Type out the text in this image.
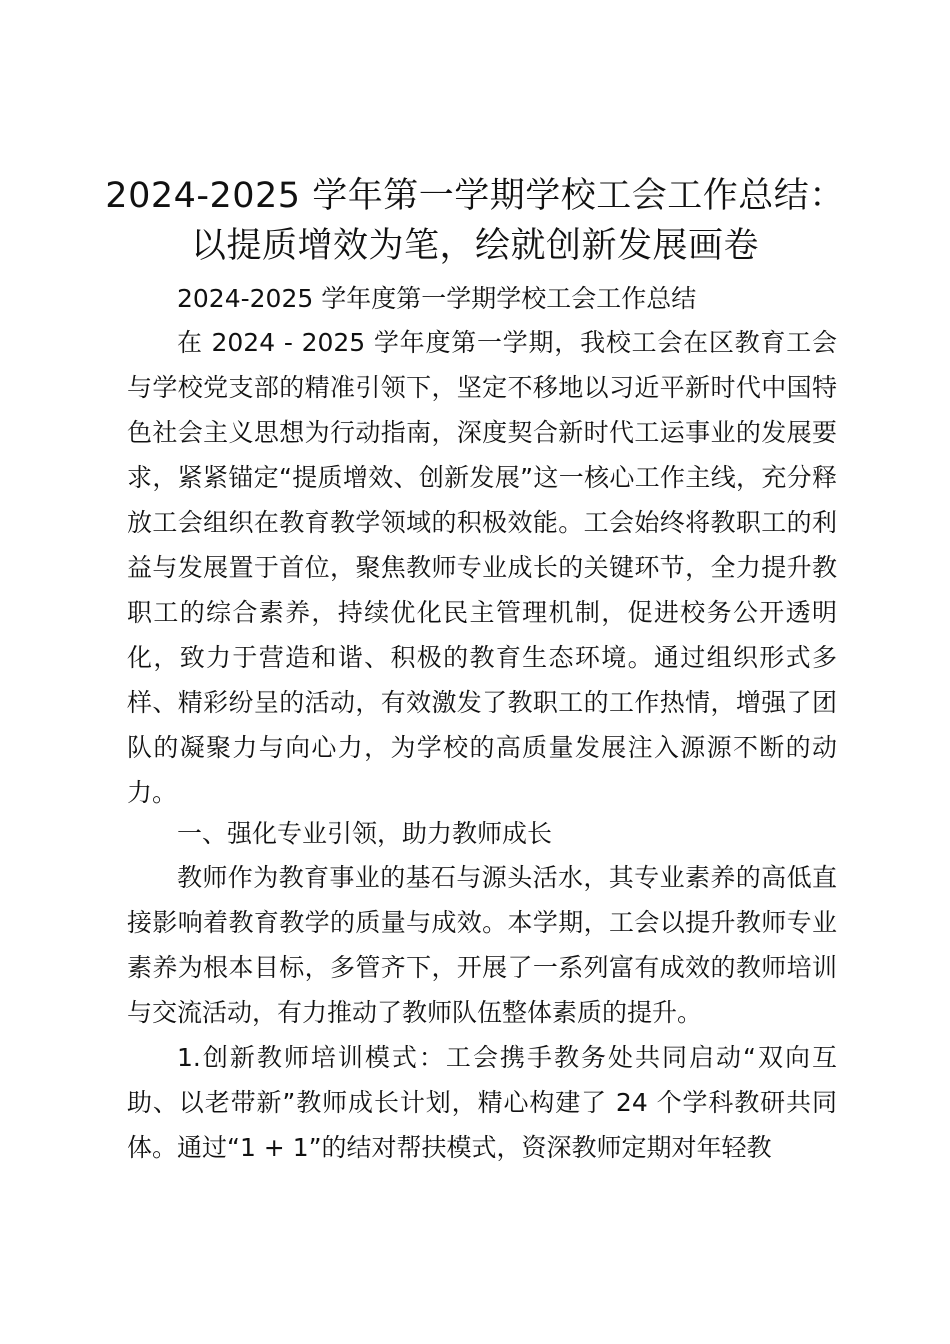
2024-2025 学年第一学期学校工会工作总结：
以提质增效为笔，绘就创新发展画卷

2024-2025 学年度第一学期学校工会工作总结

在 2024 - 2025 学年度第一学期，我校工会在区教育工会与学校党支部的精准引领下，坚定不移地以习近平新时代中国特色社会主义思想为行动指南，深度契合新时代工运事业的发展要求，紧紧锚定“提质增效、创新发展”这一核心工作主线，充分释放工会组织在教育教学领域的积极效能。工会始终将教职工的利益与发展置于首位，聚焦教师专业成长的关键环节，全力提升教职工的综合素养，持续优化民主管理机制，促进校务公开透明化，致力于营造和谐、积极的教育生态环境。通过组织形式多样、精彩纷呈的活动，有效激发了教职工的工作热情，增强了团队的凝聚力与向心力，为学校的高质量发展注入源源不断的动力。

一、强化专业引领，助力教师成长

教师作为教育事业的基石与源头活水，其专业素养的高低直接影响着教育教学的质量与成效。本学期，工会以提升教师专业素养为根本目标，多管齐下，开展了一系列富有成效的教师培训与交流活动，有力推动了教师队伍整体素质的提升。

1.创新教师培训模式：工会携手教务处共同启动“双向互助、以老带新”教师成长计划，精心构建了 24 个学科教研共同体。通过“1 + 1”的结对帮扶模式，资深教师定期对年轻教
